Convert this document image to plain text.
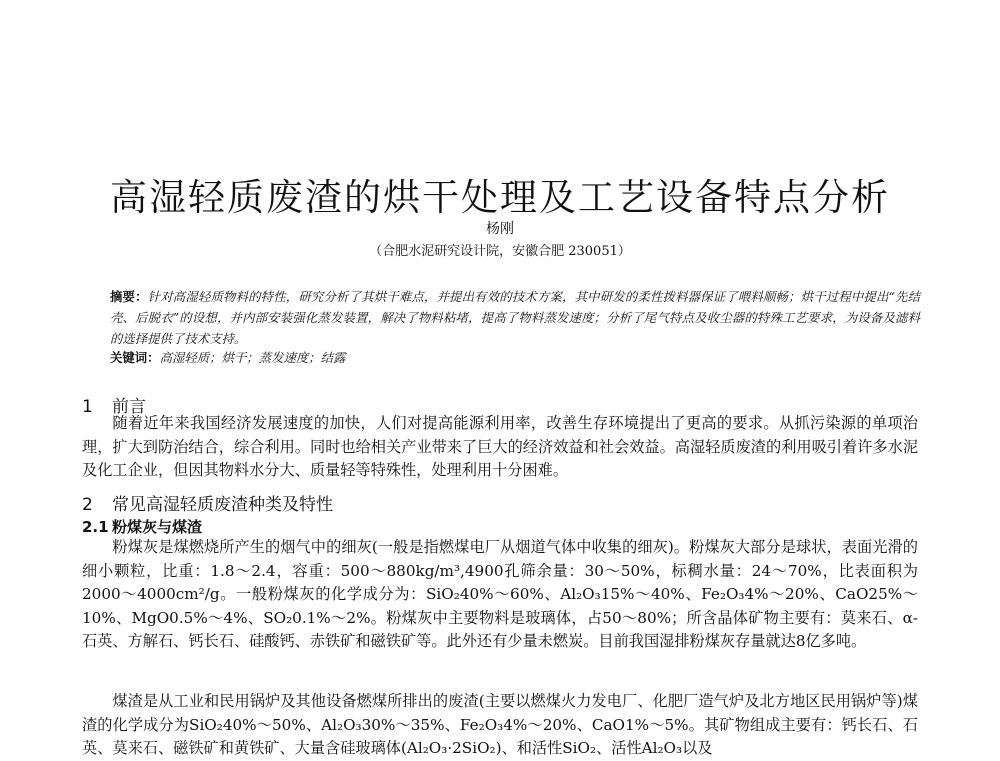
高湿轻质废渣的烘干处理及工艺设备特点分析
杨刚
（合肥水泥研究设计院，安徽合肥 230051）
摘要：针对高湿轻质物料的特性，研究分析了其烘干难点，并提出有效的技术方案，其中研发的柔性拨料器保证了喂料顺畅；烘干过程中提出“先结壳、后脱衣”的设想，并内部安装强化蒸发装置，解决了物料粘堵，提高了物料蒸发速度；分析了尾气特点及收尘器的特殊工艺要求，为设备及滤料的选择提供了技术支持。
关键词：高湿轻质；烘干；蒸发速度；结露
1 前言

随着近年来我国经济发展速度的加快，人们对提高能源利用率，改善生存环境提出了更高的要求。从抓污染源的单项治理，扩大到防治结合，综合利用。同时也给相关产业带来了巨大的经济效益和社会效益。高湿轻质废渣的利用吸引着许多水泥及化工企业，但因其物料水分大、质量轻等特殊性，处理利用十分困难。

2 常见高湿轻质废渣种类及特性
2.1 粉煤灰与煤渣

粉煤灰是煤燃烧所产生的烟气中的细灰(一般是指燃煤电厂从烟道气体中收集的细灰)。粉煤灰大部分是球状，表面光滑的细小颗粒，比重：1.8～2.4，容重：500～880kg/m³,4900孔筛余量：30～50%，标稠水量：24～70%，比表面积为2000～4000cm²/g。一般粉煤灰的化学成分为：SiO₂40%～60%、Al₂O₃15%～40%、Fe₂O₃4%～20%、CaO25%～10%、MgO0.5%～4%、SO₂0.1%～2%。粉煤灰中主要物料是玻璃体，占50～80%；所含晶体矿物主要有：莫来石、α-石英、方解石、钙长石、硅酸钙、赤铁矿和磁铁矿等。此外还有少量未燃炭。目前我国湿排粉煤灰存量就达8亿多吨。

煤渣是从工业和民用锅炉及其他设备燃煤所排出的废渣(主要以燃煤火力发电厂、化肥厂造气炉及北方地区民用锅炉等)煤渣的化学成分为SiO₂40%～50%、Al₂O₃30%～35%、Fe₂O₃4%～20%、CaO1%～5%。其矿物组成主要有：钙长石、石英、莫来石、磁铁矿和黄铁矿、大量含硅玻璃体(Al₂O₃·2SiO₂)、和活性SiO₂、活性Al₂O₃以及
